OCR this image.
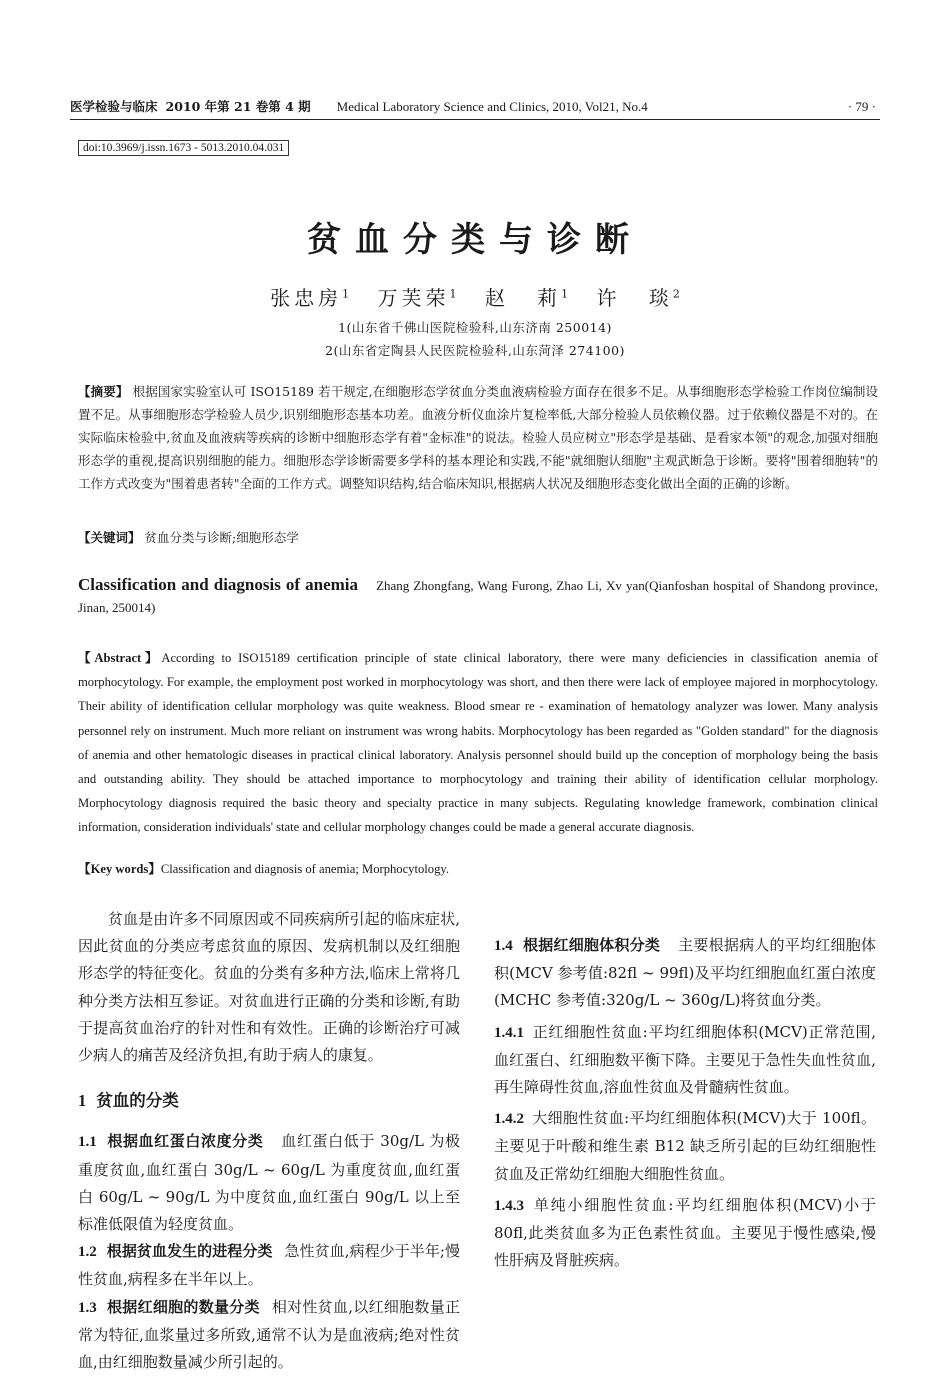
医学检验与临床 2010 年第 21 卷第 4 期 Medical Laboratory Science and Clinics, 2010, Vol21, No.4	· 79 ·
doi:10.3969/j.issn.1673 - 5013.2010.04.031
贫血分类与诊断
张忠房$^1$ 万芙荣$^1$ 赵 莉$^1$ 许 琰$^2$
1(山东省千佛山医院检验科,山东济南 250014)
2(山东省定陶县人民医院检验科,山东菏泽 274100)
【摘要】 根据国家实验室认可 ISO15189 若干规定,在细胞形态学贫血分类血液病检验方面存在很多不足。从事细胞形态学检验工作岗位编制设置不足。从事细胞形态学检验人员少,识别细胞形态基本功差。血液分析仪血涂片复检率低,大部分检验人员依赖仪器。过于依赖仪器是不对的。在实际临床检验中,贫血及血液病等疾病的诊断中细胞形态学有着"金标准"的说法。检验人员应树立"形态学是基础、是看家本领"的观念,加强对细胞形态学的重视,提高识别细胞的能力。细胞形态学诊断需要多学科的基本理论和实践,不能"就细胞认细胞"主观武断急于诊断。要将"围着细胞转"的工作方式改变为"围着患者转"全面的工作方式。调整知识结构,结合临床知识,根据病人状况及细胞形态变化做出全面的正确的诊断。
【关键词】 贫血分类与诊断;细胞形态学
Classification and diagnosis of anemia Zhang Zhongfang, Wang Furong, Zhao Li, Xv yan(Qianfoshan hospital of Shandong province, Jinan, 250014)
【Abstract】According to ISO15189 certification principle of state clinical laboratory, there were many deficiencies in classification anemia of morphocytology. For example, the employment post worked in morphocytology was short, and then there were lack of employee majored in morphocytology. Their ability of identification cellular morphology was quite weakness. Blood smear re - examination of hematology analyzer was lower. Many analysis personnel rely on instrument. Much more reliant on instrument was wrong habits. Morphocytology has been regarded as "Golden standard" for the diagnosis of anemia and other hematologic diseases in practical clinical laboratory. Analysis personnel should build up the conception of morphology being the basis and outstanding ability. They should be attached importance to morphocytology and training their ability of identification cellular morphology. Morphocytology diagnosis required the basic theory and specialty practice in many subjects. Regulating knowledge framework, combination clinical information, consideration individuals' state and cellular morphology changes could be made a general accurate diagnosis.
【Key words】Classification and diagnosis of anemia; Morphocytology.

贫血是由许多不同原因或不同疾病所引起的临床症状,因此贫血的分类应考虑贫血的原因、发病机制以及红细胞形态学的特征变化。贫血的分类有多种方法,临床上常将几种分类方法相互参证。对贫血进行正确的分类和诊断,有助于提高贫血治疗的针对性和有效性。正确的诊断治疗可减少病人的痛苦及经济负担,有助于病人的康复。

1 贫血的分类

1.1 根据血红蛋白浓度分类 血红蛋白低于 30g/L 为极重度贫血,血红蛋白 30g/L ~ 60g/L 为重度贫血,血红蛋白 60g/L ~ 90g/L 为中度贫血,血红蛋白 90g/L 以上至标准低限值为轻度贫血。

1.2 根据贫血发生的进程分类 急性贫血,病程少于半年;慢性贫血,病程多在半年以上。

1.3 根据红细胞的数量分类 相对性贫血,以红细胞数量正常为特征,血浆量过多所致,通常不认为是血液病;绝对性贫血,由红细胞数量减少所引起的。

1.4 根据红细胞体积分类 主要根据病人的平均红细胞体积(MCV 参考值:82fl ~ 99fl)及平均红细胞血红蛋白浓度(MCHC 参考值:320g/L ~ 360g/L)将贫血分类。

1.4.1 正红细胞性贫血:平均红细胞体积(MCV)正常范围,血红蛋白、红细胞数平衡下降。主要见于急性失血性贫血,再生障碍性贫血,溶血性贫血及骨髓病性贫血。

1.4.2 大细胞性贫血:平均红细胞体积(MCV)大于 100fl。主要见于叶酸和维生素 B12 缺乏所引起的巨幼红细胞性贫血及正常幼红细胞大细胞性贫血。

1.4.3 单纯小细胞性贫血:平均红细胞体积(MCV)小于 80fl,此类贫血多为正色素性贫血。主要见于慢性感染,慢性肝病及肾脏疾病。
